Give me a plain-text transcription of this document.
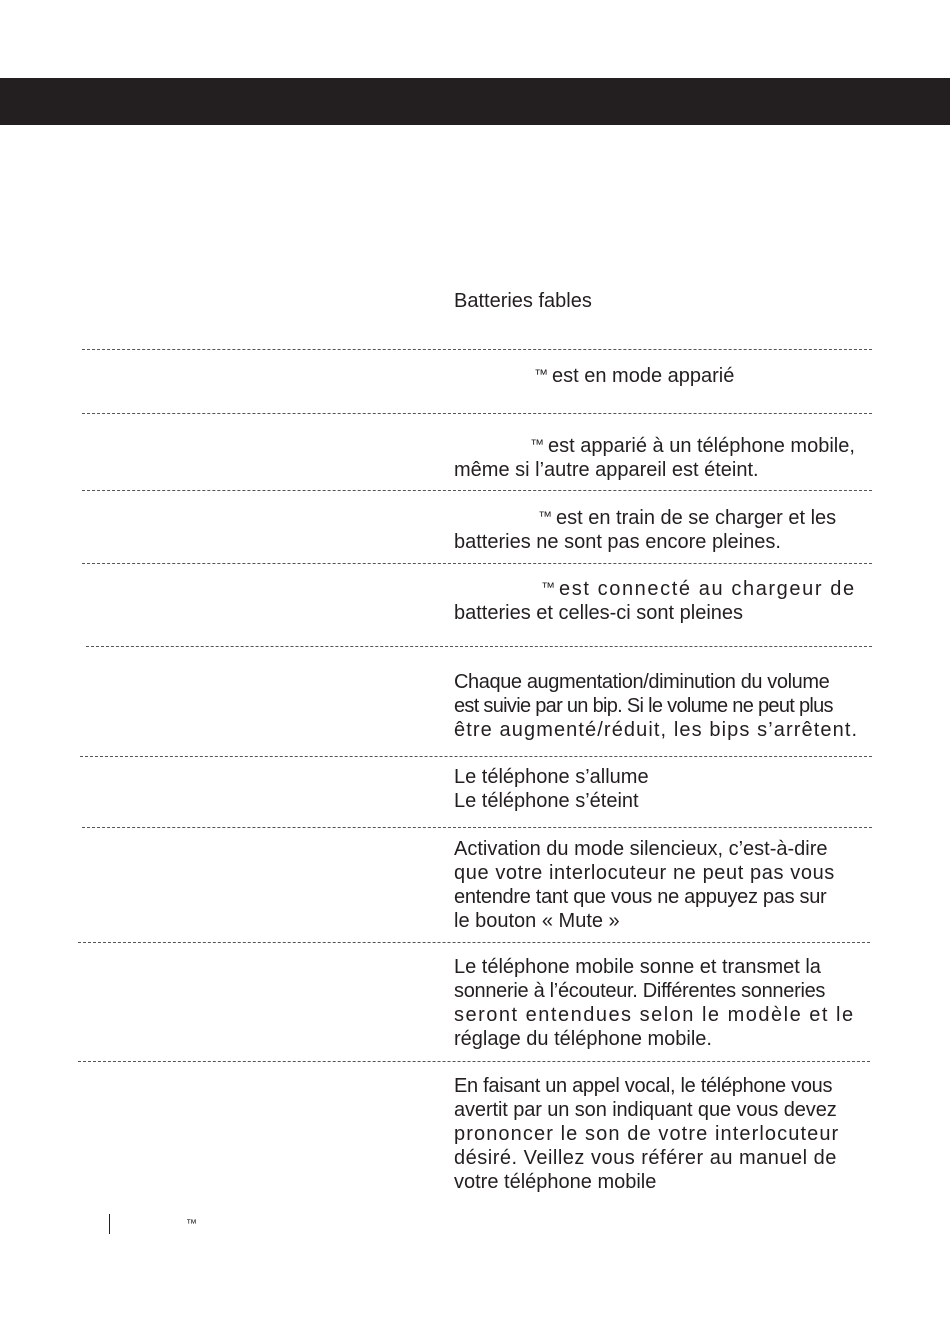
Batteries fables
™ est en mode apparié
™ est apparié à un téléphone mobile,
même si l’autre appareil est éteint.
™ est en train de se charger et les
batteries ne sont pas encore pleines.
™ est connecté au chargeur de
batteries et celles-ci sont pleines
Chaque augmentation/diminution du volume
est suivie par un bip. Si le volume ne peut plus
être augmenté/réduit, les bips s’arrêtent.
Le téléphone s’allume
Le téléphone s’éteint
Activation du mode silencieux, c’est-à-dire
que votre interlocuteur ne peut pas vous
entendre tant que vous ne appuyez pas sur
le bouton « Mute »
Le téléphone mobile sonne et transmet la
sonnerie à l’écouteur. Différentes sonneries
seront entendues selon le modèle et le
réglage du téléphone mobile.
En faisant un appel vocal, le téléphone vous
avertit par un son indiquant que vous devez
prononcer le son de votre interlocuteur
désiré. Veillez vous référer au manuel de
votre téléphone mobile
™
